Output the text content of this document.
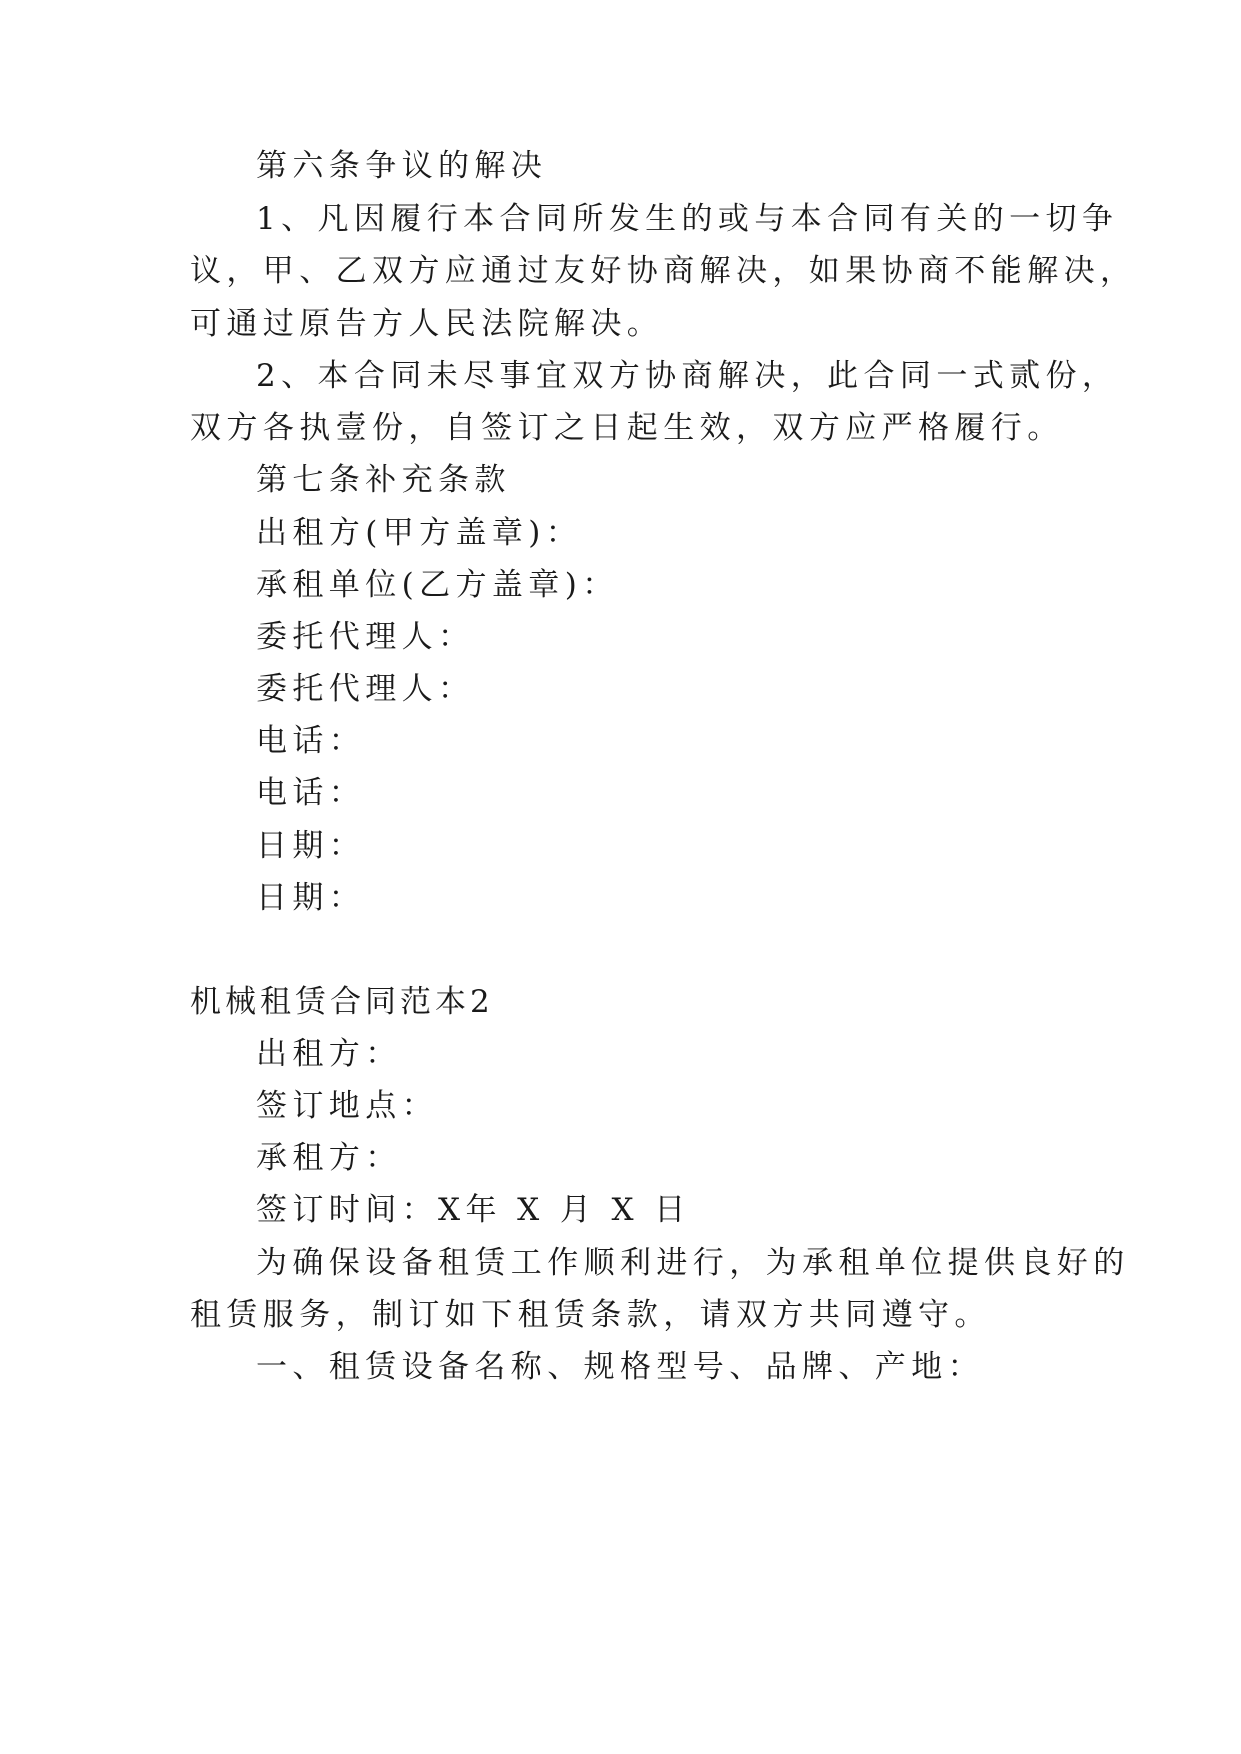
第六条争议的解决

1、凡因履行本合同所发生的或与本合同有关的一切争

议，甲、乙双方应通过友好协商解决，如果协商不能解决，

可通过原告方人民法院解决。

2、本合同未尽事宜双方协商解决，此合同一式贰份，

双方各执壹份，自签订之日起生效，双方应严格履行。

第七条补充条款

出租方(甲方盖章)：

承租单位(乙方盖章)：

委托代理人：

委托代理人：

电话：

电话：

日期：

日期：

机械租赁合同范本2

出租方：

签订地点：

承租方：

签订时间：X年 X 月 X 日

为确保设备租赁工作顺利进行，为承租单位提供良好的

租赁服务，制订如下租赁条款，请双方共同遵守。

一、租赁设备名称、规格型号、品牌、产地：
